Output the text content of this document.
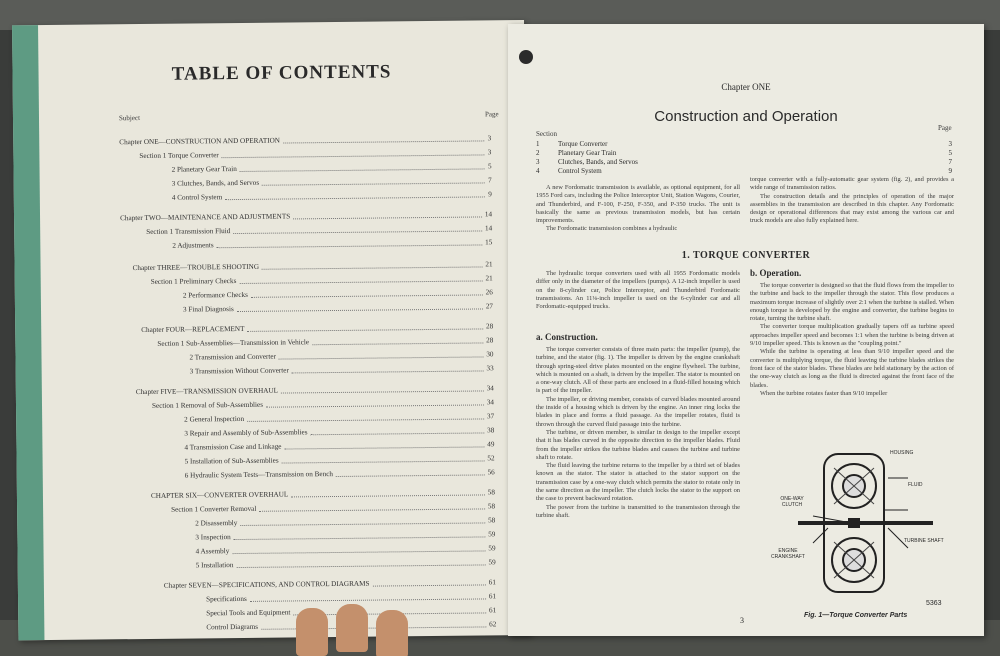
TABLE OF CONTENTS
Subject	Page
Chapter ONE—CONSTRUCTION AND OPERATION	3
Section 1 Torque Converter	3
2 Planetary Gear Train	5
3 Clutches, Bands, and Servos	7
4 Control System	9
Chapter TWO—MAINTENANCE AND ADJUSTMENTS	14
Section 1 Transmission Fluid	14
2 Adjustments	15
Chapter THREE—TROUBLE SHOOTING	21
Section 1 Preliminary Checks	21
2 Performance Checks	26
3 Final Diagnosis	27
Chapter FOUR—REPLACEMENT	28
Section 1 Sub-Assemblies—Transmission in Vehicle	28
2 Transmission and Converter	30
3 Transmission Without Converter	33
Chapter FIVE—TRANSMISSION OVERHAUL	34
Section 1 Removal of Sub-Assemblies	34
2 General Inspection	37
3 Repair and Assembly of Sub-Assemblies	38
4 Transmission Case and Linkage	49
5 Installation of Sub-Assemblies	52
6 Hydraulic System Tests—Transmission on Bench	56
CHAPTER SIX—CONVERTER OVERHAUL	58
Section 1 Converter Removal	58
2 Disassembly	58
3 Inspection	59
4 Assembly	59
5 Installation	59
Chapter SEVEN—SPECIFICATIONS, AND CONTROL DIAGRAMS	61
Specifications	61
Special Tools and Equipment	61
Control Diagrams	62
Chapter ONE
Construction and Operation
Section
Page
1	Torque Converter	3
2	Planetary Gear Train	5
3	Clutches, Bands, and Servos	7
4	Control System	9

A new Fordomatic transmission is available, as optional equipment, for all 1955 Ford cars, including the Police Interceptor Unit, Station Wagons, Courier, and Thunderbird, and F-100, F-250, F-350, and P-350 trucks. The unit is basically the same as previous transmission models, but has certain improvements.

The Fordomatic transmission combines a hydraulic

torque converter with a fully-automatic gear system (fig. 2), and provides a wide range of transmission ratios.

The construction details and the principles of operation of the major assemblies in the transmission are described in this chapter. Any Fordomatic design or operational differences that may exist among the various car and truck models are also fully explained here.

1. TORQUE CONVERTER

The hydraulic torque converters used with all 1955 Fordomatic models differ only in the diameter of the impellers (pumps). A 12-inch impeller is used on the 8-cylinder car, Police Interceptor, and Thunderbird Fordomatic transmissions. An 11⅛-inch impeller is used on the 6-cylinder car and all Fordomatic-equipped trucks.

a. Construction.

The torque converter consists of three main parts: the impeller (pump), the turbine, and the stator (fig. 1). The impeller is driven by the engine crankshaft through spring-steel drive plates mounted on the engine flywheel. The turbine, which is mounted on a shaft, is driven by the impeller. The stator is mounted on a one-way clutch. All of these parts are enclosed in a fluid-filled housing which is part of the impeller.

The impeller, or driving member, consists of curved blades mounted around the inside of a housing which is driven by the engine. An inner ring locks the blades in place and forms a fluid passage. As the impeller rotates, fluid is thrown through the curved fluid passage into the turbine.

The turbine, or driven member, is similar in design to the impeller except that it has blades curved in the opposite direction to the impeller blades. Fluid from the impeller strikes the turbine blades and causes the turbine and turbine shaft to rotate.

The fluid leaving the turbine returns to the impeller by a third set of blades known as the stator. The stator is attached to the stator support on the transmission case by a one-way clutch which permits the stator to rotate only in the same direction as the impeller. The clutch locks the stator to the support on the case to prevent backward rotation.

The power from the turbine is transmitted to the transmission through the turbine shaft.

b. Operation.

The torque converter is designed so that the fluid flows from the impeller to the turbine and back to the impeller through the stator. This flow produces a maximum torque increase of slightly over 2:1 when the turbine is stalled. When enough torque is developed by the engine and converter, the turbine begins to rotate, turning the turbine shaft.

The converter torque multiplication gradually tapers off as turbine speed approaches impeller speed and becomes 1:1 when the turbine is being driven at 9/10 impeller speed. This is known as the "coupling point."

While the turbine is operating at less than 9/10 impeller speed and the converter is multiplying torque, the fluid leaving the turbine blades strikes the front face of the stator blades. These blades are held stationary by the action of the one-way clutch as long as the fluid is directed against the front face of the blades.

When the turbine rotates faster than 9/10 impeller

HOUSING
FLUID
ONE-WAY CLUTCH
ENGINE CRANKSHAFT
TURBINE SHAFT
5363
Fig. 1—Torque Converter Parts
3
